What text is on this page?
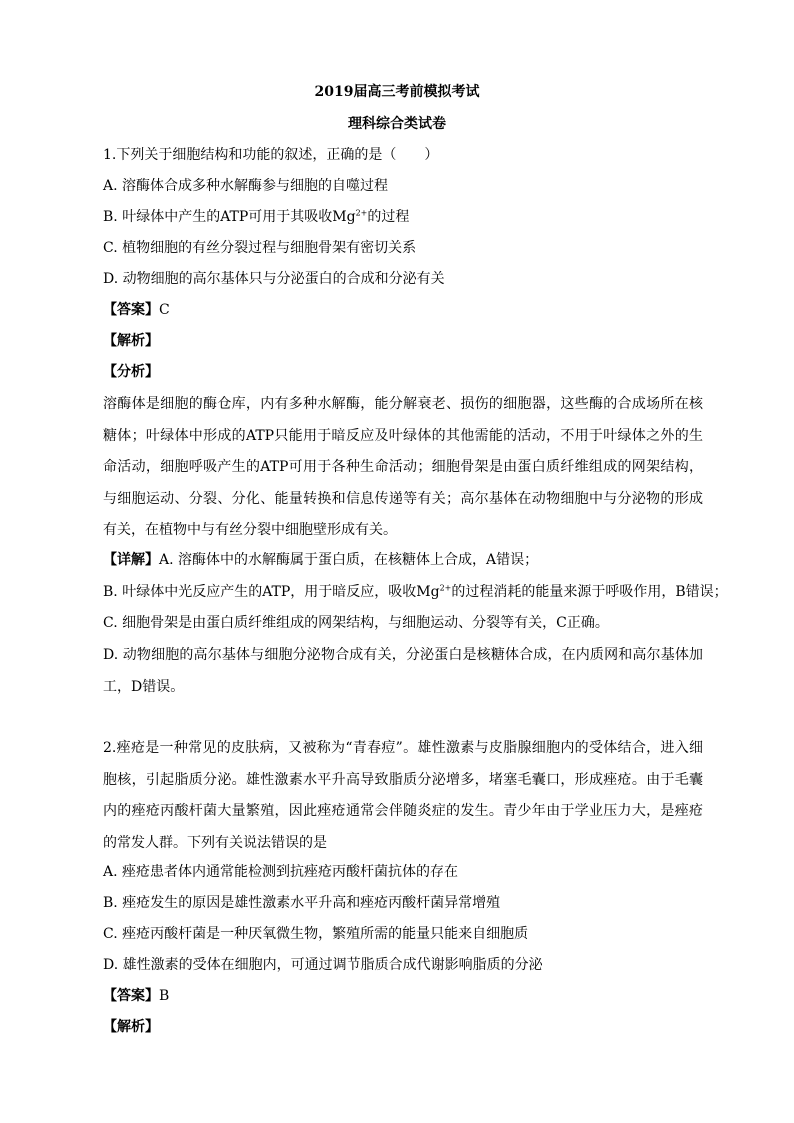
2019届高三考前模拟考试
理科综合类试卷
1.下列关于细胞结构和功能的叙述，正确的是（　　）
A. 溶酶体合成多种水解酶参与细胞的自噬过程
B. 叶绿体中产生的ATP可用于其吸收$Mg^{2+}$的过程
C. 植物细胞的有丝分裂过程与细胞骨架有密切关系
D. 动物细胞的高尔基体只与分泌蛋白的合成和分泌有关
【答案】C
【解析】
【分析】
溶酶体是细胞的酶仓库，内有多种水解酶，能分解衰老、损伤的细胞器，这些酶的合成场所在核糖体；叶绿体中形成的ATP只能用于暗反应及叶绿体的其他需能的活动，不用于叶绿体之外的生命活动，细胞呼吸产生的ATP可用于各种生命活动；细胞骨架是由蛋白质纤维组成的网架结构，与细胞运动、分裂、分化、能量转换和信息传递等有关；高尔基体在动物细胞中与分泌物的形成有关，在植物中与有丝分裂中细胞壁形成有关。
【详解】A. 溶酶体中的水解酶属于蛋白质，在核糖体上合成，A错误；
B. 叶绿体中光反应产生的ATP，用于暗反应，吸收$Mg^{2+}$的过程消耗的能量来源于呼吸作用，B错误；
C. 细胞骨架是由蛋白质纤维组成的网架结构，与细胞运动、分裂等有关，C正确。
D. 动物细胞的高尔基体与细胞分泌物合成有关，分泌蛋白是核糖体合成，在内质网和高尔基体加工，D错误。
2.痤疮是一种常见的皮肤病，又被称为“青春痘”。雄性激素与皮脂腺细胞内的受体结合，进入细胞核，引起脂质分泌。雄性激素水平升高导致脂质分泌增多，堵塞毛囊口，形成痤疮。由于毛囊内的痤疮丙酸杆菌大量繁殖，因此痤疮通常会伴随炎症的发生。青少年由于学业压力大，是痤疮的常发人群。下列有关说法错误的是
A. 痤疮患者体内通常能检测到抗痤疮丙酸杆菌抗体的存在
B. 痤疮发生的原因是雄性激素水平升高和痤疮丙酸杆菌异常增殖
C. 痤疮丙酸杆菌是一种厌氧微生物，繁殖所需的能量只能来自细胞质
D. 雄性激素的受体在细胞内，可通过调节脂质合成代谢影响脂质的分泌
【答案】B
【解析】
